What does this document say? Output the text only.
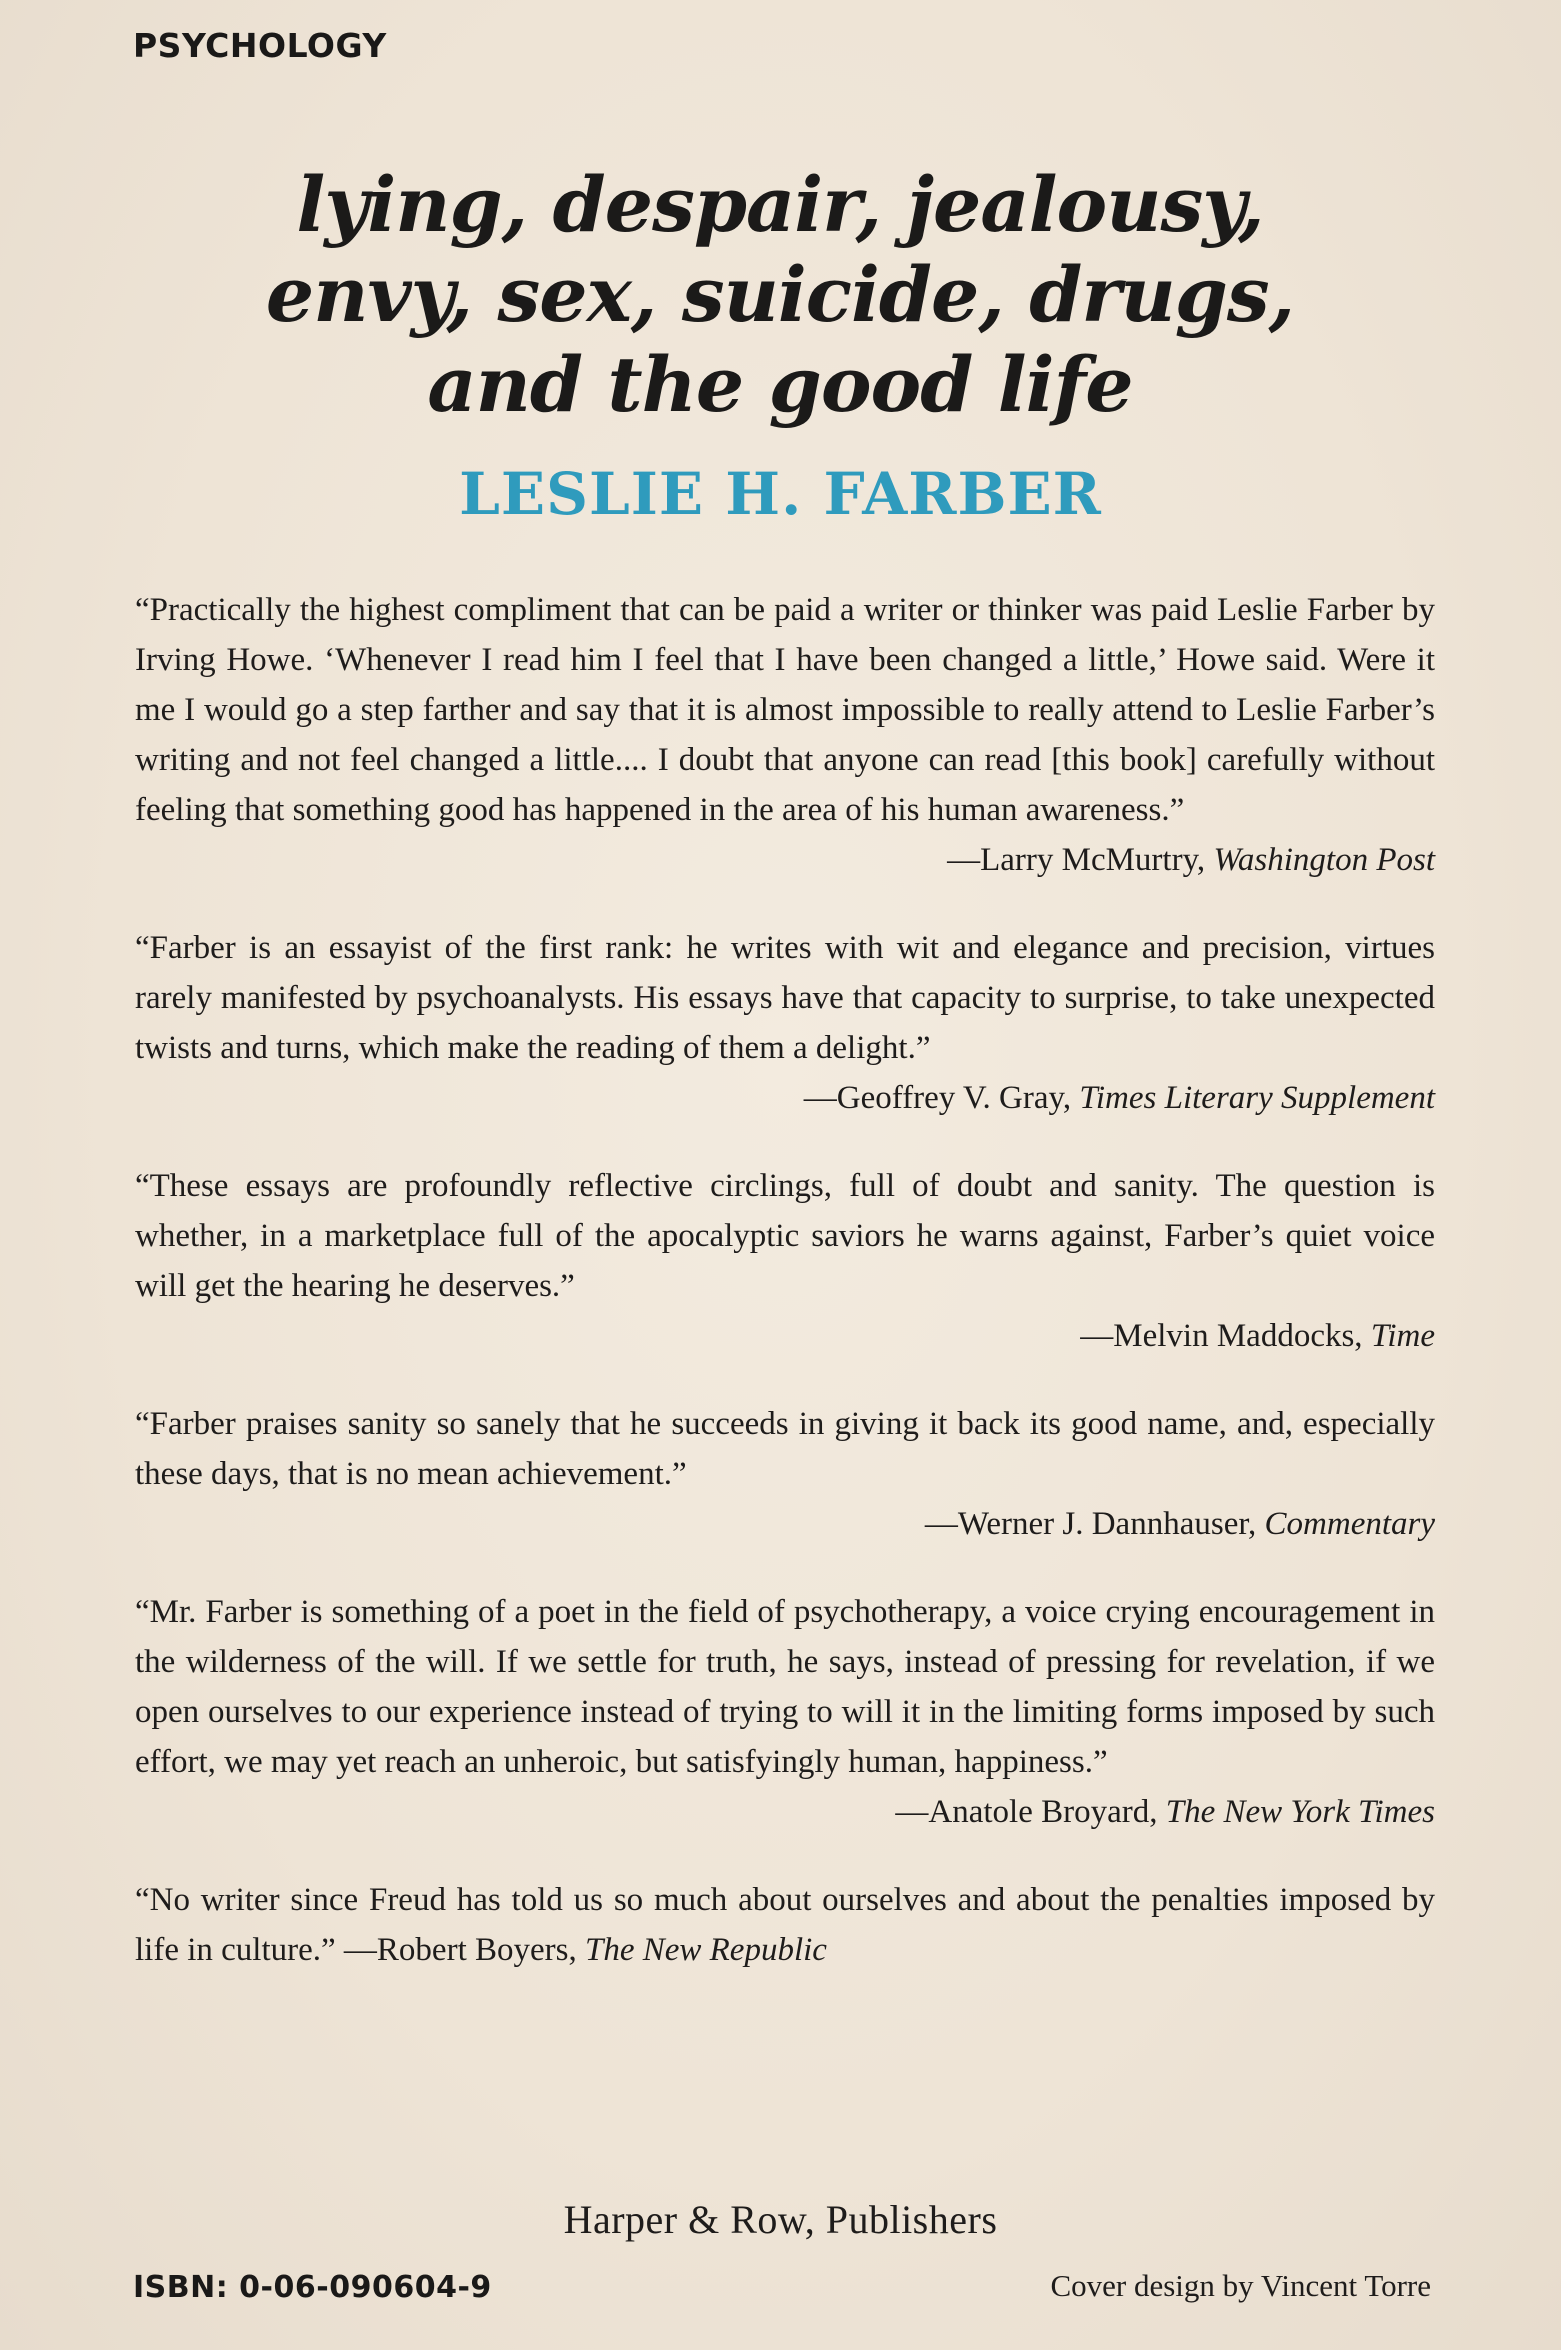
PSYCHOLOGY
lying, despair, jealousy,
envy, sex, suicide, drugs,
and the good life
LESLIE H. FARBER
“Practically the highest compliment that can be paid a writer or thinker was paid Leslie Farber by Irving Howe. ‘Whenever I read him I feel that I have been changed a little,’ Howe said. Were it me I would go a step farther and say that it is almost impossible to really attend to Leslie Farber’s writing and not feel changed a little.... I doubt that anyone can read [this book] carefully without feeling that something good has happened in the area of his human awareness.”
—Larry McMurtry, Washington Post
“Farber is an essayist of the first rank: he writes with wit and elegance and precision, virtues rarely manifested by psychoanalysts. His essays have that capacity to surprise, to take unexpected twists and turns, which make the reading of them a delight.”
—Geoffrey V. Gray, Times Literary Supplement
“These essays are profoundly reflective circlings, full of doubt and sanity. The question is whether, in a marketplace full of the apocalyptic saviors he warns against, Farber’s quiet voice will get the hearing he deserves.”
—Melvin Maddocks, Time
“Farber praises sanity so sanely that he succeeds in giving it back its good name, and, especially these days, that is no mean achievement.”
—Werner J. Dannhauser, Commentary
“Mr. Farber is something of a poet in the field of psychotherapy, a voice crying encouragement in the wilderness of the will. If we settle for truth, he says, instead of pressing for revelation, if we open ourselves to our experience instead of trying to will it in the limiting forms imposed by such effort, we may yet reach an unheroic, but satisfyingly human, happiness.”
—Anatole Broyard, The New York Times
“No writer since Freud has told us so much about ourselves and about the penalties imposed by life in culture.” —Robert Boyers, The New Republic
Harper & Row, Publishers
ISBN: 0-06-090604-9	Cover design by Vincent Torre
